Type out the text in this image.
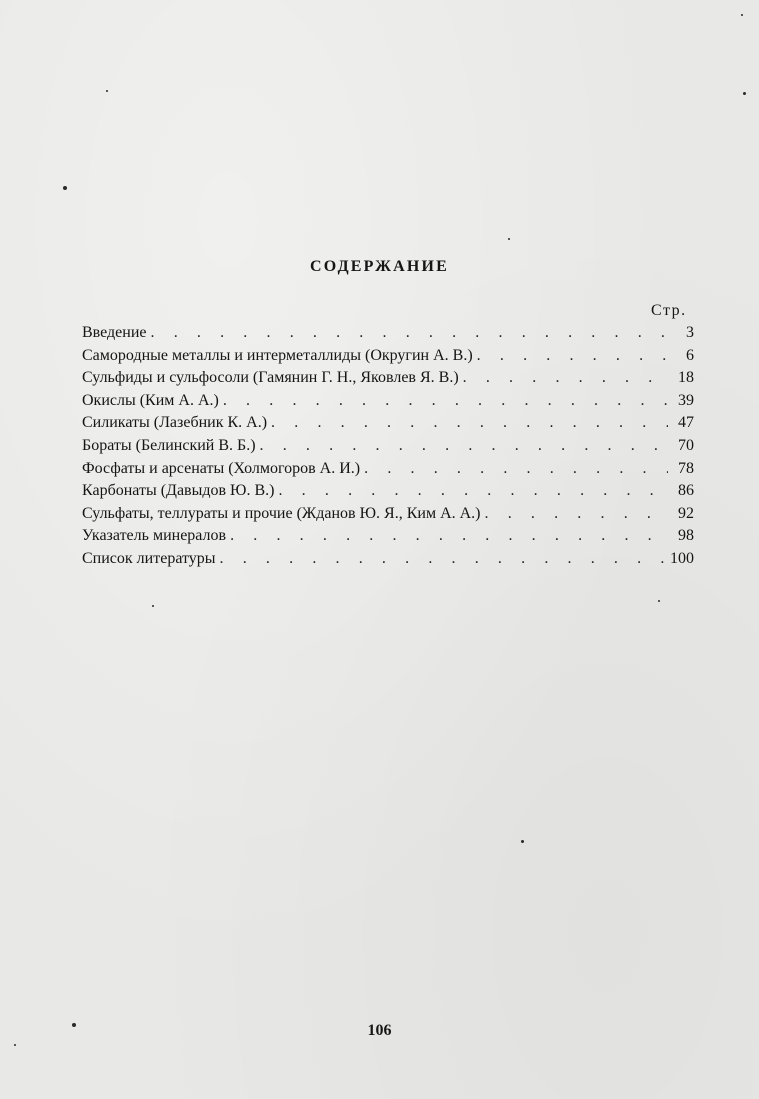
СОДЕРЖАНИЕ
Стр.
Введение . . .	3
Самородные металлы и интерметаллиды (Округин А. В.) . . .	6
Сульфиды и сульфосоли (Гамянин Г. Н., Яковлев Я. В.) . . .	18
Окислы (Ким А. А.) . . .	39
Силикаты (Лазебник К. А.) . . .	47
Бораты (Белинский В. Б.) . . .	70
Фосфаты и арсенаты (Холмогоров А. И.) . . .	78
Карбонаты (Давыдов Ю. В.) . . .	86
Сульфаты, теллураты и прочие (Жданов Ю. Я., Ким А. А.) . . .	92
Указатель минералов . . .	98
Список литературы . . .	100
106
